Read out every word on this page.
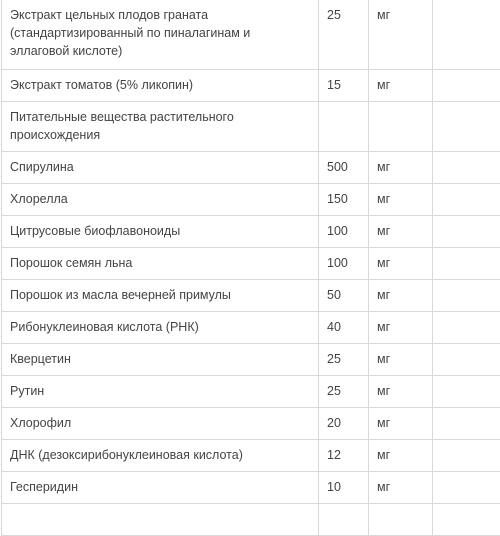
Экстракт цельных плодов граната (стандартизированный по пиналагинам и эллаговой кислоте)	25	мг	
Экстракт томатов (5% ликопин)	15	мг	
Питательные вещества растительного происхождения			
Спирулина	500	мг	
Хлорелла	150	мг	
Цитрусовые биофлавоноиды	100	мг	
Порошок семян льна	100	мг	
Порошок из масла вечерней примулы	50	мг	
Рибонуклеиновая кислота (РНК)	40	мг	
Кверцетин	25	мг	
Рутин	25	мг	
Хлорофил	20	мг	
ДНК (дезоксирибонуклеиновая кислота)	12	мг	
Гесперидин	10	мг	
